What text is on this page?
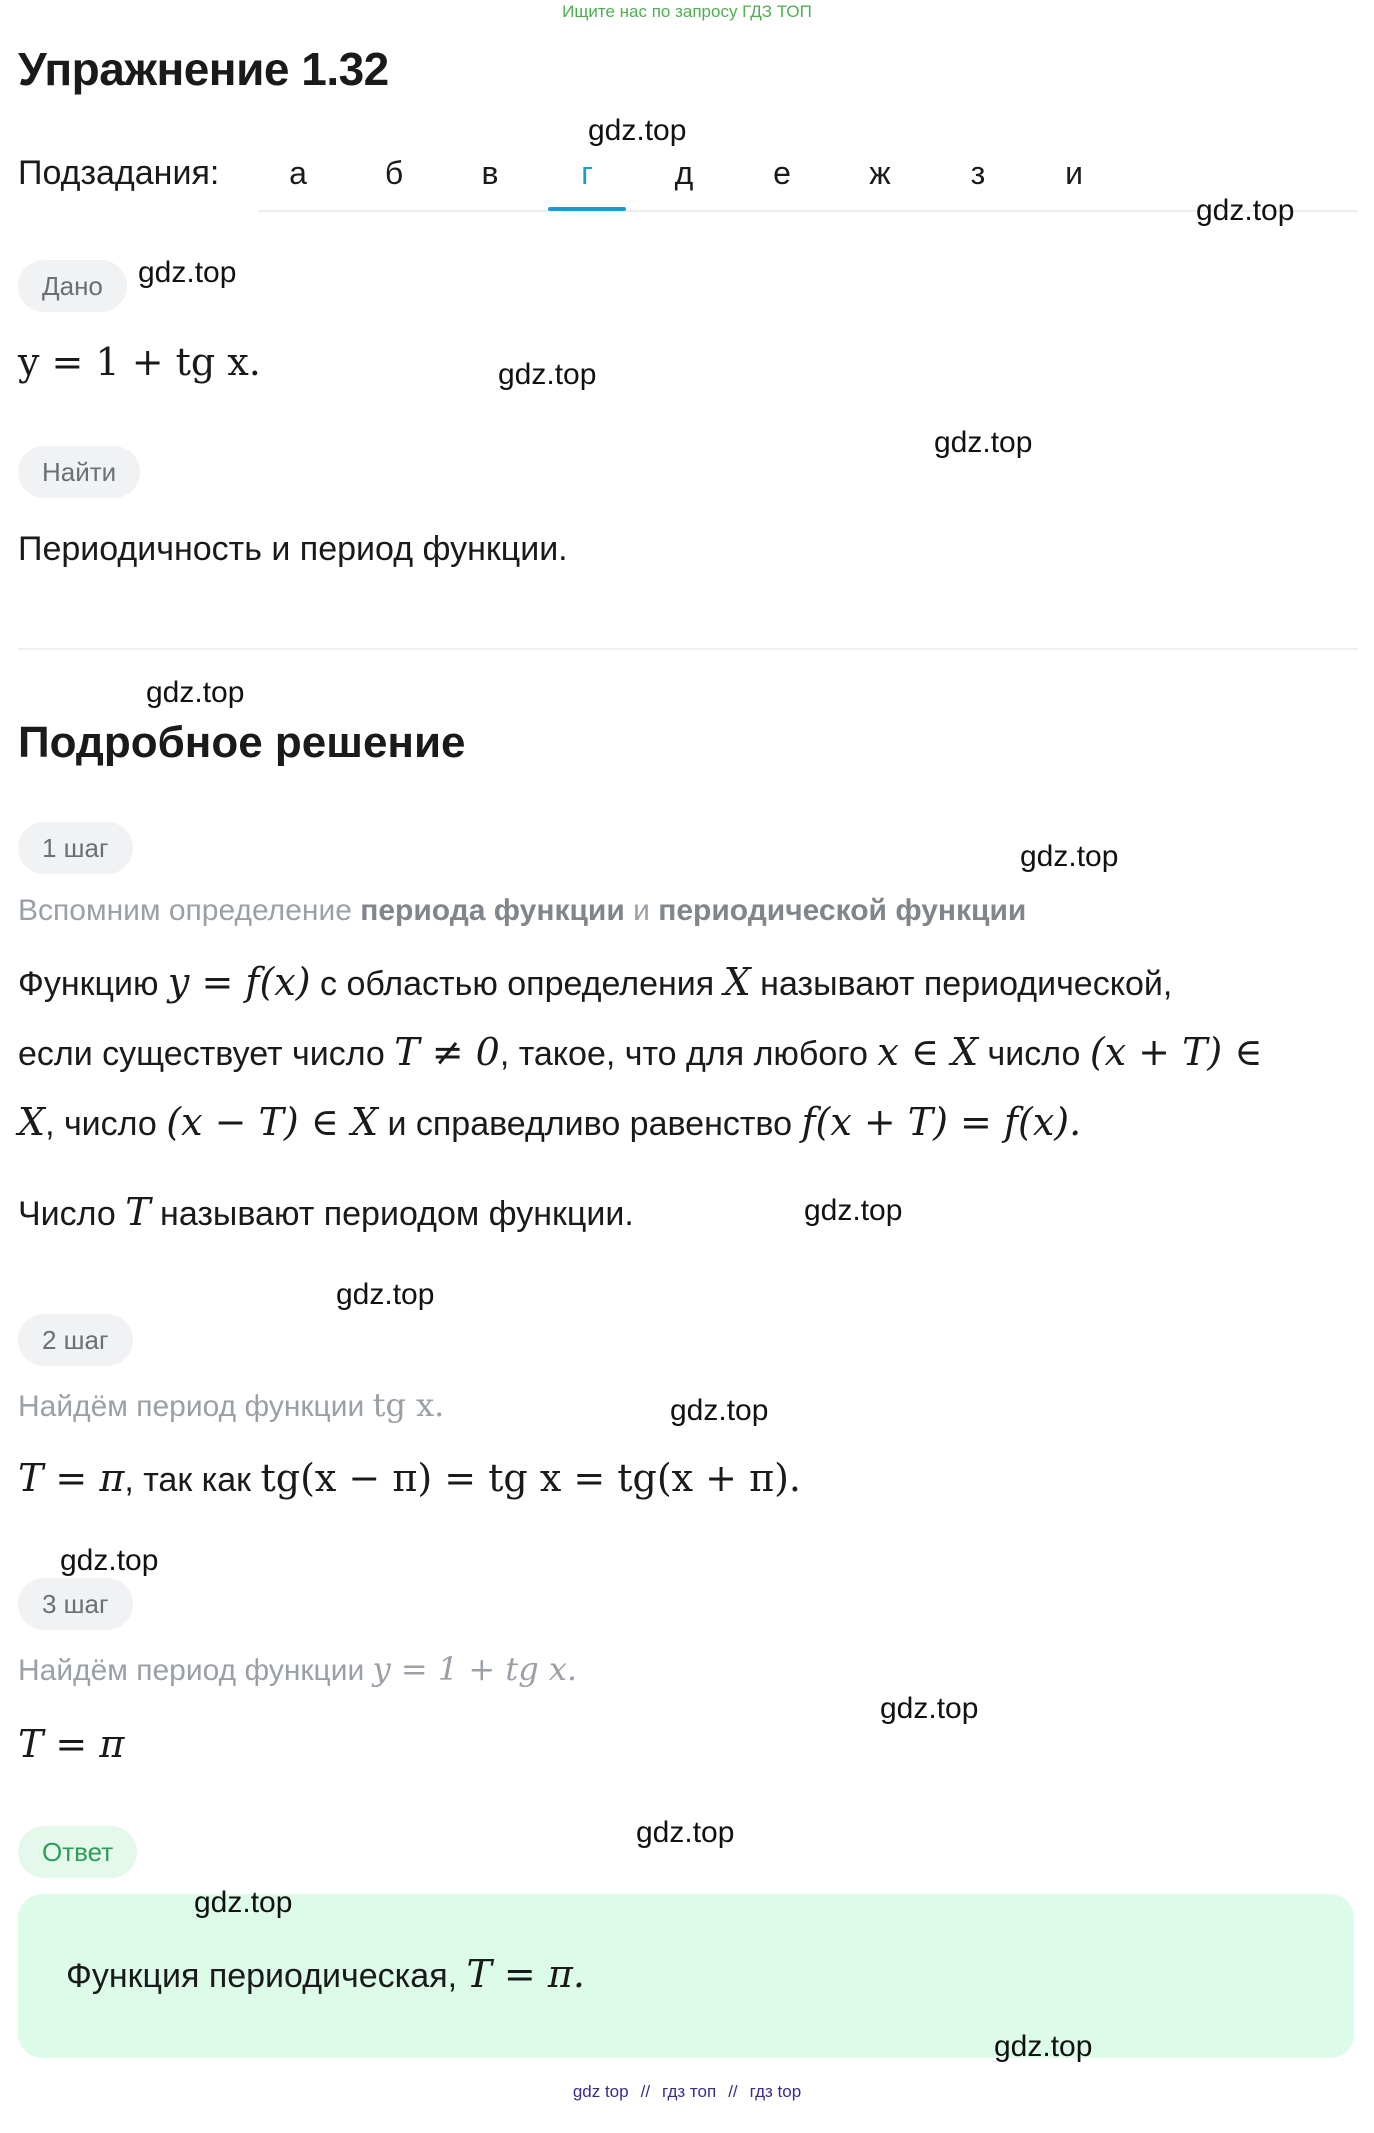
Ищите нас по запросу ГДЗ ТОП
Упражнение 1.32
Подзадания:	а	б	в	г	д	е	ж	з	и
Дано
y = 1 + tg x.
Найти
Периодичность и период функции.
Подробное решение
1 шаг
Вспомним определение периода функции и периодической функции
Функцию y = f(x) с областью определения X называют периодической,
если существует число T ≠ 0, такое, что для любого x ∈ X число (x + T) ∈
X, число (x − T) ∈ X и справедливо равенство f(x + T) = f(x).
Число T называют периодом функции.
2 шаг
Найдём период функции tg x.
T = π, так как tg(x − π) = tg x = tg(x + π).
3 шаг
Найдём период функции y = 1 + tg x.
T = π
Ответ
Функция периодическая, T = π.
gdz.top
gdz.top
gdz.top
gdz.top
gdz.top
gdz.top
gdz.top
gdz.top
gdz.top
gdz.top
gdz.top
gdz.top
gdz.top
gdz.top
gdz.top
gdz top // гдз топ // гдз top
